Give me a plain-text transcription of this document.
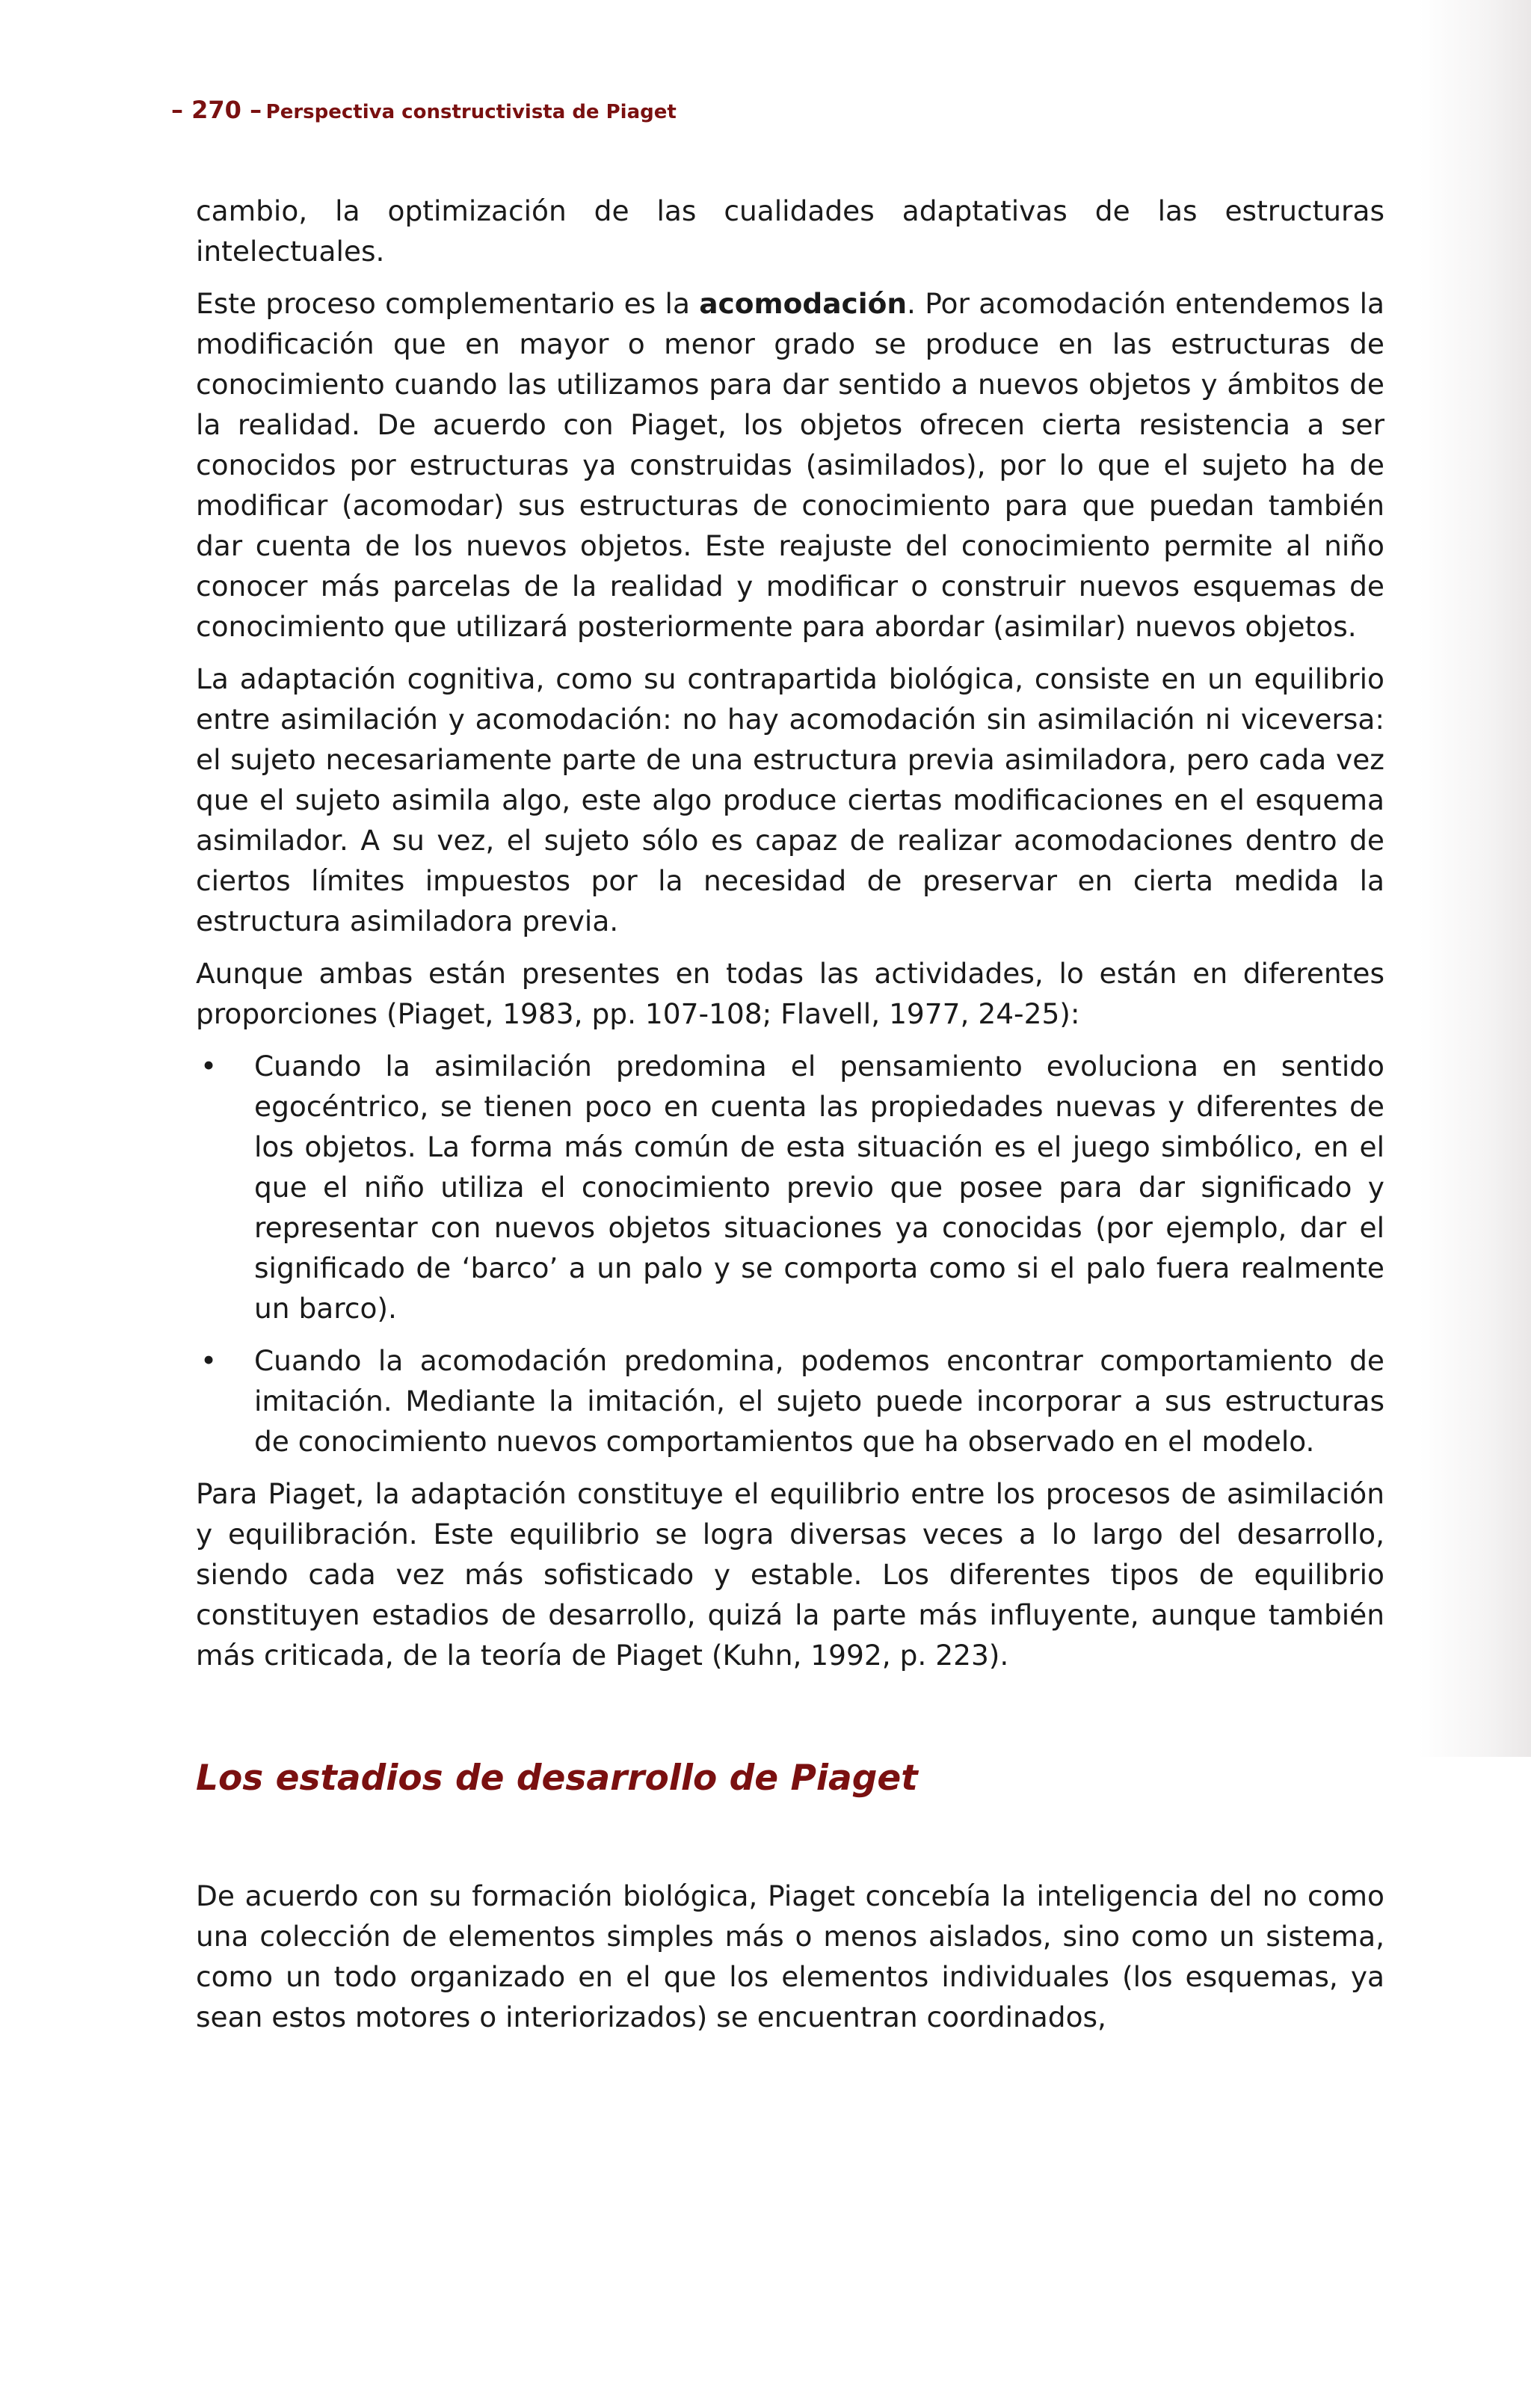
– 270 – Perspectiva constructivista de Piaget

cambio, la optimización de las cualidades adaptativas de las estructuras intelectuales.

Este proceso complementario es la acomodación. Por acomodación entendemos la modificación que en mayor o menor grado se produce en las estructuras de conocimiento cuando las utilizamos para dar sentido a nuevos objetos y ámbitos de la realidad. De acuerdo con Piaget, los objetos ofrecen cierta resistencia a ser conocidos por estructuras ya construidas (asimilados), por lo que el sujeto ha de modificar (acomodar) sus estructuras de conocimiento para que puedan también dar cuenta de los nuevos objetos. Este reajuste del conocimiento permite al niño conocer más parcelas de la realidad y modificar o construir nuevos esquemas de conocimiento que utilizará posteriormente para abordar (asimilar) nuevos objetos.

La adaptación cognitiva, como su contrapartida biológica, consiste en un equilibrio entre asimilación y acomodación: no hay acomodación sin asimilación ni viceversa: el sujeto necesariamente parte de una estructura previa asimiladora, pero cada vez que el sujeto asimila algo, este algo produce ciertas modificaciones en el esquema asimilador. A su vez, el sujeto sólo es capaz de realizar acomodaciones dentro de ciertos límites impuestos por la necesidad de preservar en cierta medida la estructura asimiladora previa.

Aunque ambas están presentes en todas las actividades, lo están en diferentes proporciones (Piaget, 1983, pp. 107-108; Flavell, 1977, 24-25):

• Cuando la asimilación predomina el pensamiento evoluciona en sentido egocéntrico, se tienen poco en cuenta las propiedades nuevas y diferentes de los objetos. La forma más común de esta situación es el juego simbólico, en el que el niño utiliza el conocimiento previo que posee para dar significado y representar con nuevos objetos situaciones ya conocidas (por ejemplo, dar el significado de ‘barco’ a un palo y se comporta como si el palo fuera realmente un barco).
• Cuando la acomodación predomina, podemos encontrar comportamiento de imitación. Mediante la imitación, el sujeto puede incorporar a sus estructuras de conocimiento nuevos comportamientos que ha observado en el modelo.

Para Piaget, la adaptación constituye el equilibrio entre los procesos de asimilación y equilibración. Este equilibrio se logra diversas veces a lo largo del desarrollo, siendo cada vez más sofisticado y estable. Los diferentes tipos de equilibrio constituyen estadios de desarrollo, quizá la parte más influyente, aunque también más criticada, de la teoría de Piaget (Kuhn, 1992, p. 223).

Los estadios de desarrollo de Piaget

De acuerdo con su formación biológica, Piaget concebía la inteligencia del no como una colección de elementos simples más o menos aislados, sino como un sistema, como un todo organizado en el que los elementos individuales (los esquemas, ya sean estos motores o interiorizados) se encuentran coordinados,
